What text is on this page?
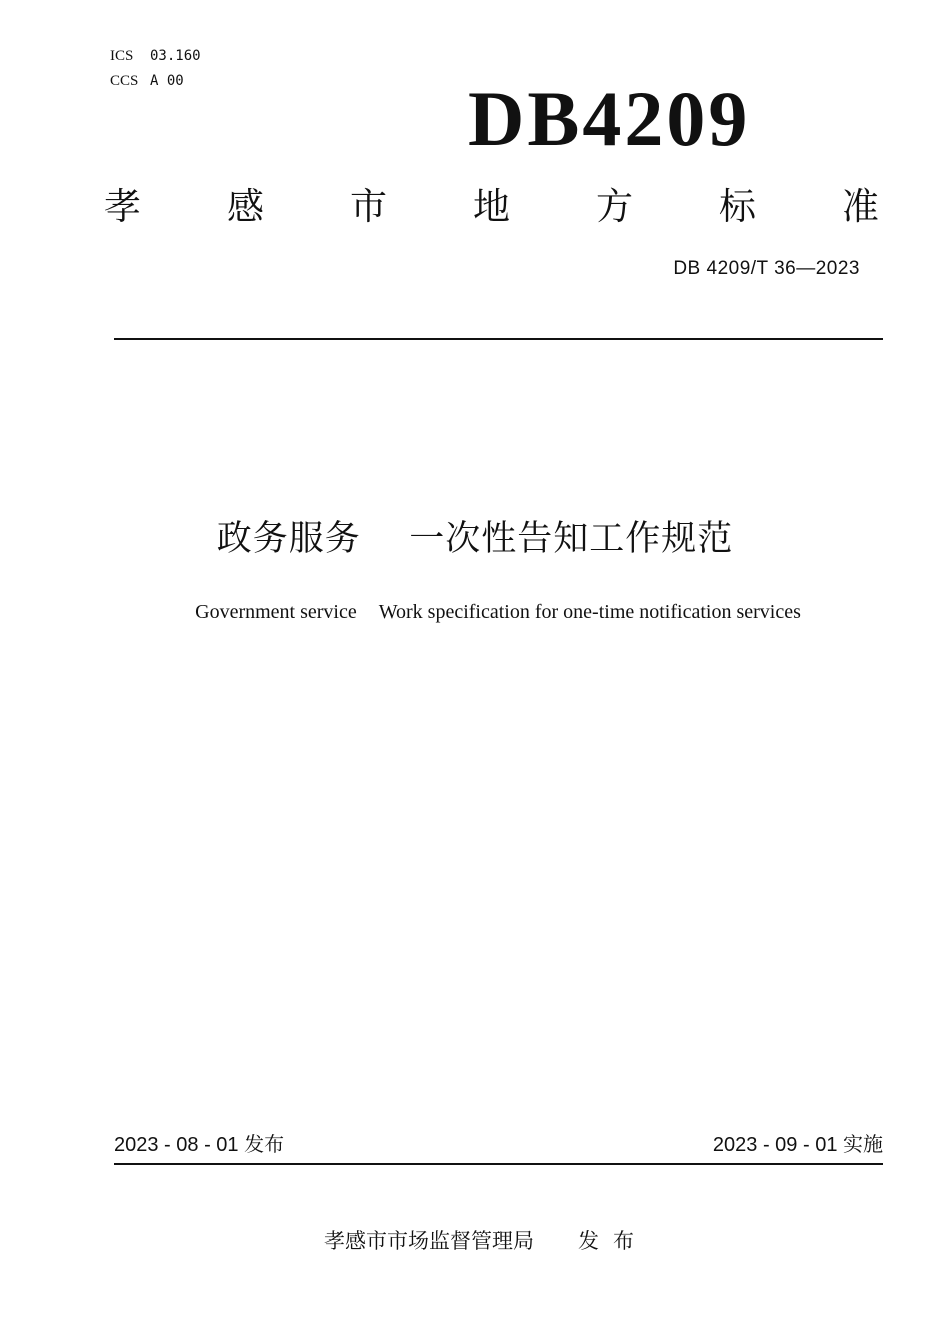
ICS	03.160
CCS A 00	DB4209
孝 感 市 地 方 标 准
DB 4209/T 36—2023
政务服务 一次性告知工作规范
Government service Work specification for one-time notification services
2023 - 08 - 01 发布	2023 - 09 - 01 实施
孝感市市场监督管理局 发布
